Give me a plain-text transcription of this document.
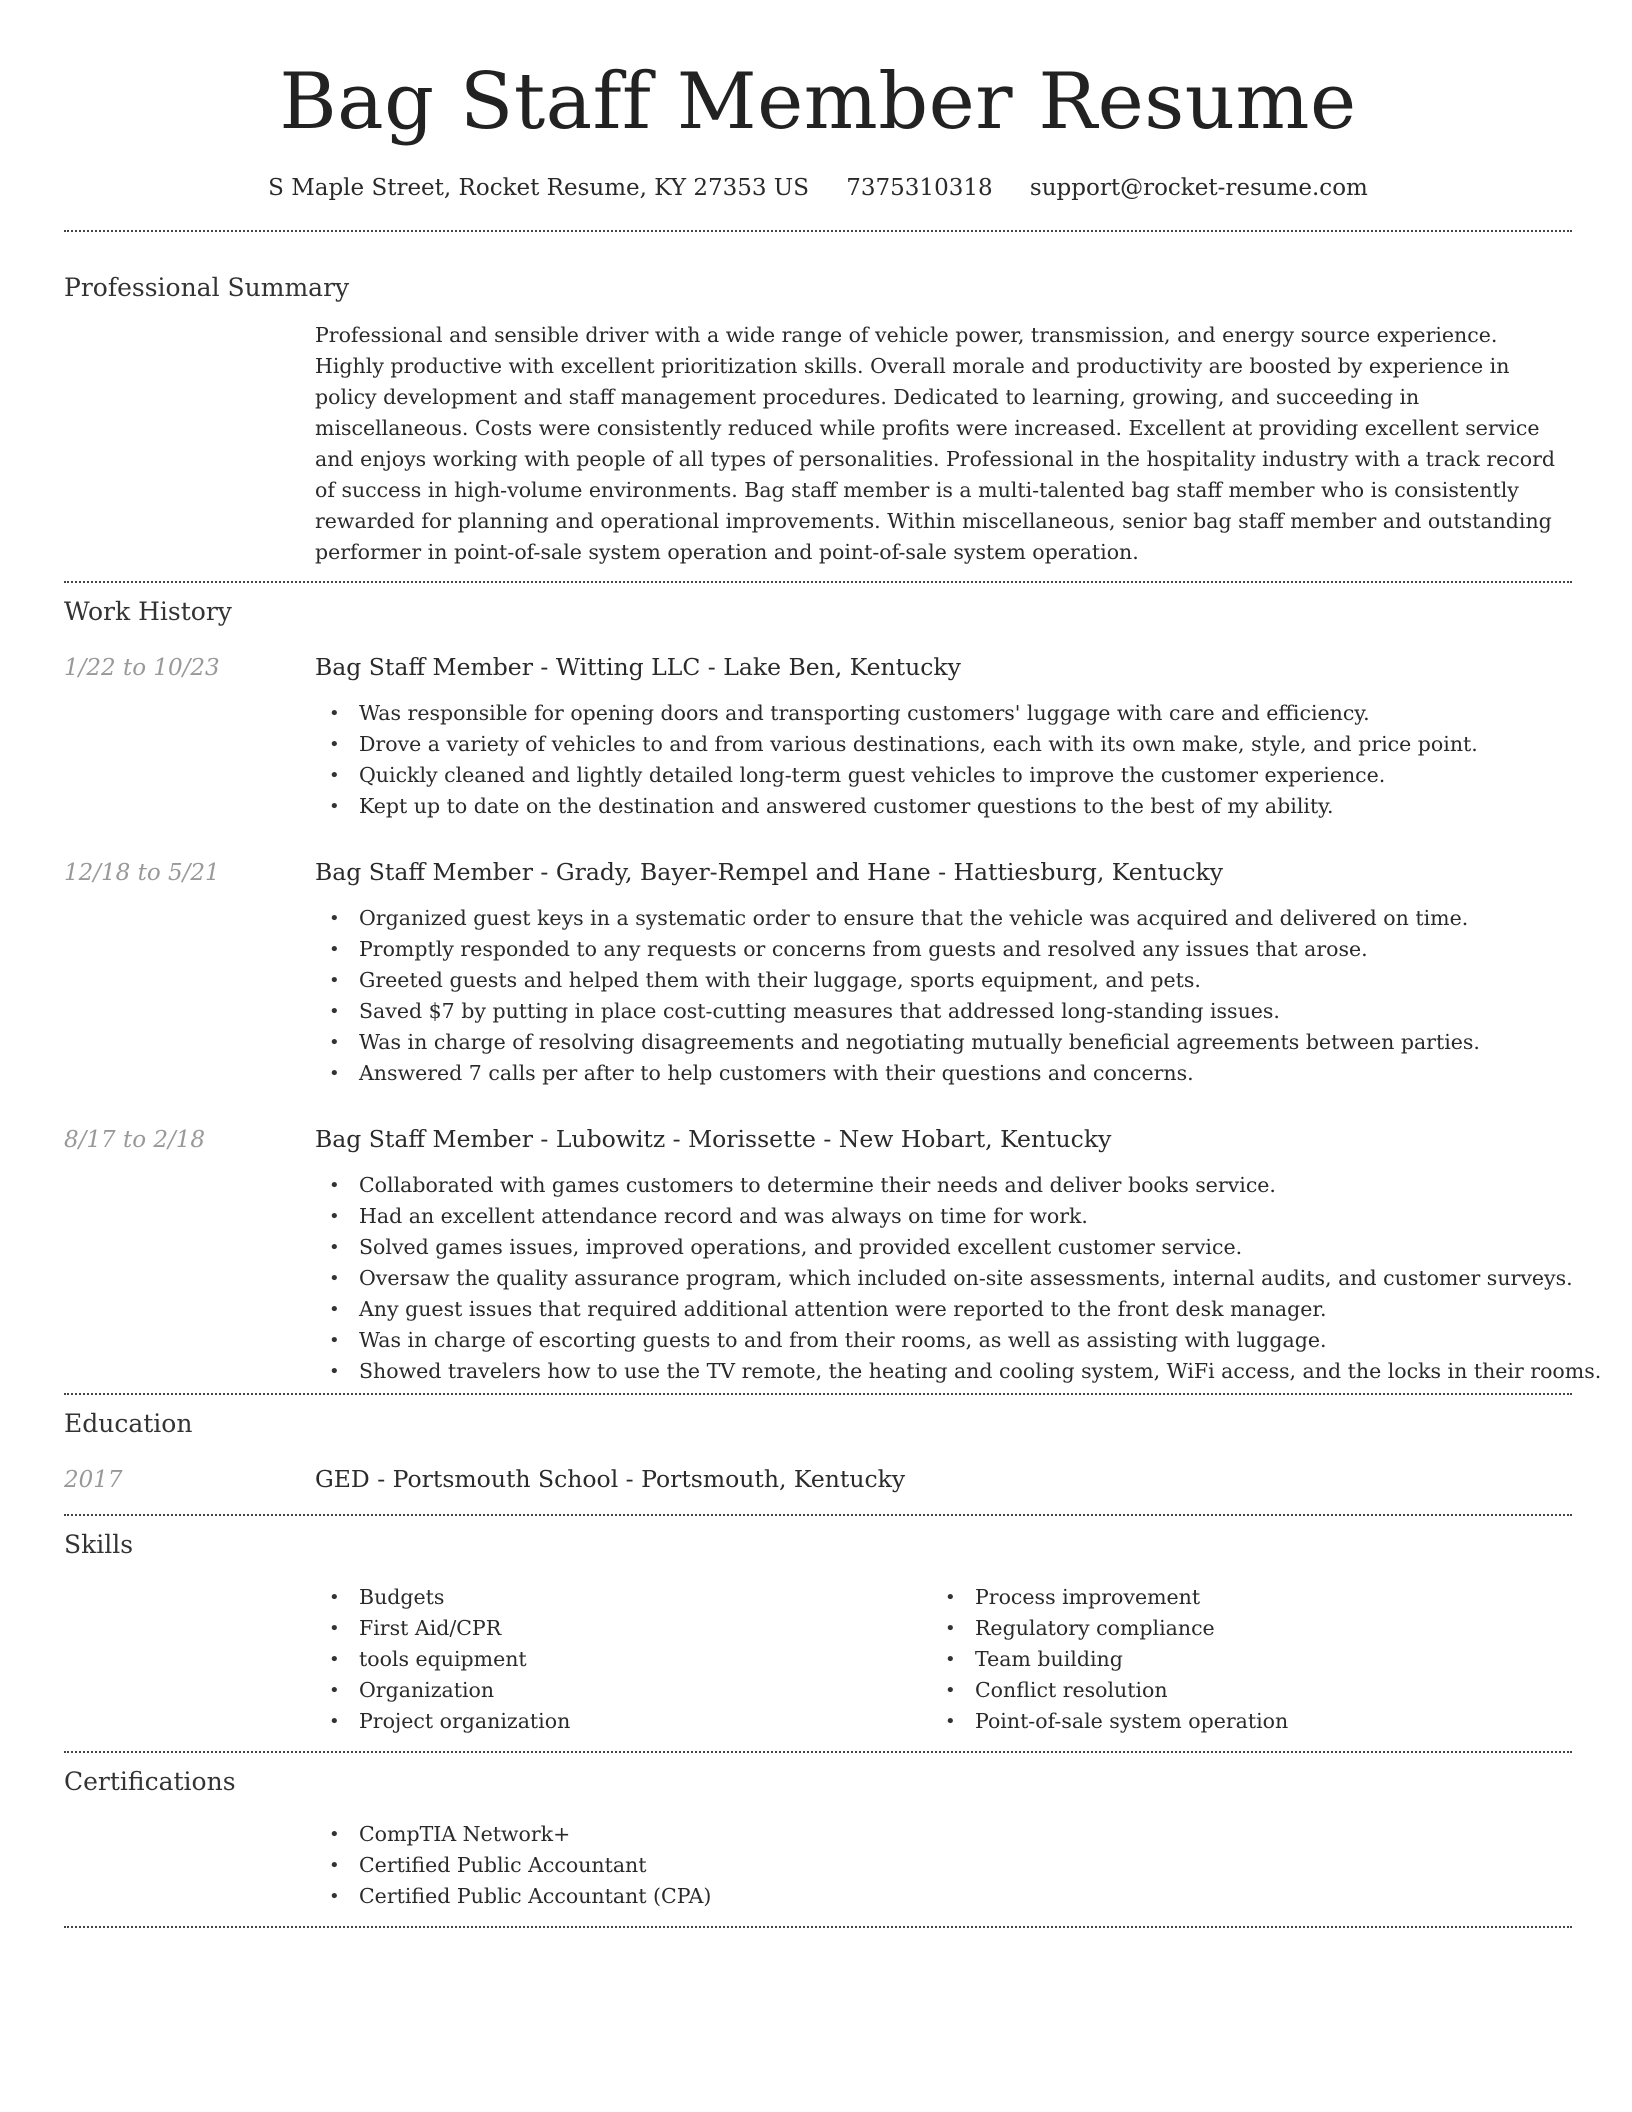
Bag Staff Member Resume
S Maple Street, Rocket Resume, KY 27353 US 7375310318 support@rocket-resume.com
Professional Summary
Professional and sensible driver with a wide range of vehicle power, transmission, and energy source experience. Highly productive with excellent prioritization skills. Overall morale and productivity are boosted by experience in policy development and staff management procedures. Dedicated to learning, growing, and succeeding in miscellaneous. Costs were consistently reduced while profits were increased. Excellent at providing excellent service and enjoys working with people of all types of personalities. Professional in the hospitality industry with a track record of success in high-volume environments. Bag staff member is a multi-talented bag staff member who is consistently rewarded for planning and operational improvements. Within miscellaneous, senior bag staff member and outstanding performer in point-of-sale system operation and point-of-sale system operation.
Work History
1/22 to 10/23	Bag Staff Member - Witting LLC - Lake Ben, Kentucky
• Was responsible for opening doors and transporting customers' luggage with care and efficiency.
• Drove a variety of vehicles to and from various destinations, each with its own make, style, and price point.
• Quickly cleaned and lightly detailed long-term guest vehicles to improve the customer experience.
• Kept up to date on the destination and answered customer questions to the best of my ability.
12/18 to 5/21	Bag Staff Member - Grady, Bayer-Rempel and Hane - Hattiesburg, Kentucky
• Organized guest keys in a systematic order to ensure that the vehicle was acquired and delivered on time.
• Promptly responded to any requests or concerns from guests and resolved any issues that arose.
• Greeted guests and helped them with their luggage, sports equipment, and pets.
• Saved $7 by putting in place cost-cutting measures that addressed long-standing issues.
• Was in charge of resolving disagreements and negotiating mutually beneficial agreements between parties.
• Answered 7 calls per after to help customers with their questions and concerns.
8/17 to 2/18	Bag Staff Member - Lubowitz - Morissette - New Hobart, Kentucky
• Collaborated with games customers to determine their needs and deliver books service.
• Had an excellent attendance record and was always on time for work.
• Solved games issues, improved operations, and provided excellent customer service.
• Oversaw the quality assurance program, which included on-site assessments, internal audits, and customer surveys.
• Any guest issues that required additional attention were reported to the front desk manager.
• Was in charge of escorting guests to and from their rooms, as well as assisting with luggage.
• Showed travelers how to use the TV remote, the heating and cooling system, WiFi access, and the locks in their rooms.
Education
2017	GED - Portsmouth School - Portsmouth, Kentucky
Skills
• Budgets
• First Aid/CPR
• tools equipment
• Organization
• Project organization
• Process improvement
• Regulatory compliance
• Team building
• Conflict resolution
• Point-of-sale system operation
Certifications
• CompTIA Network+
• Certified Public Accountant
• Certified Public Accountant (CPA)
